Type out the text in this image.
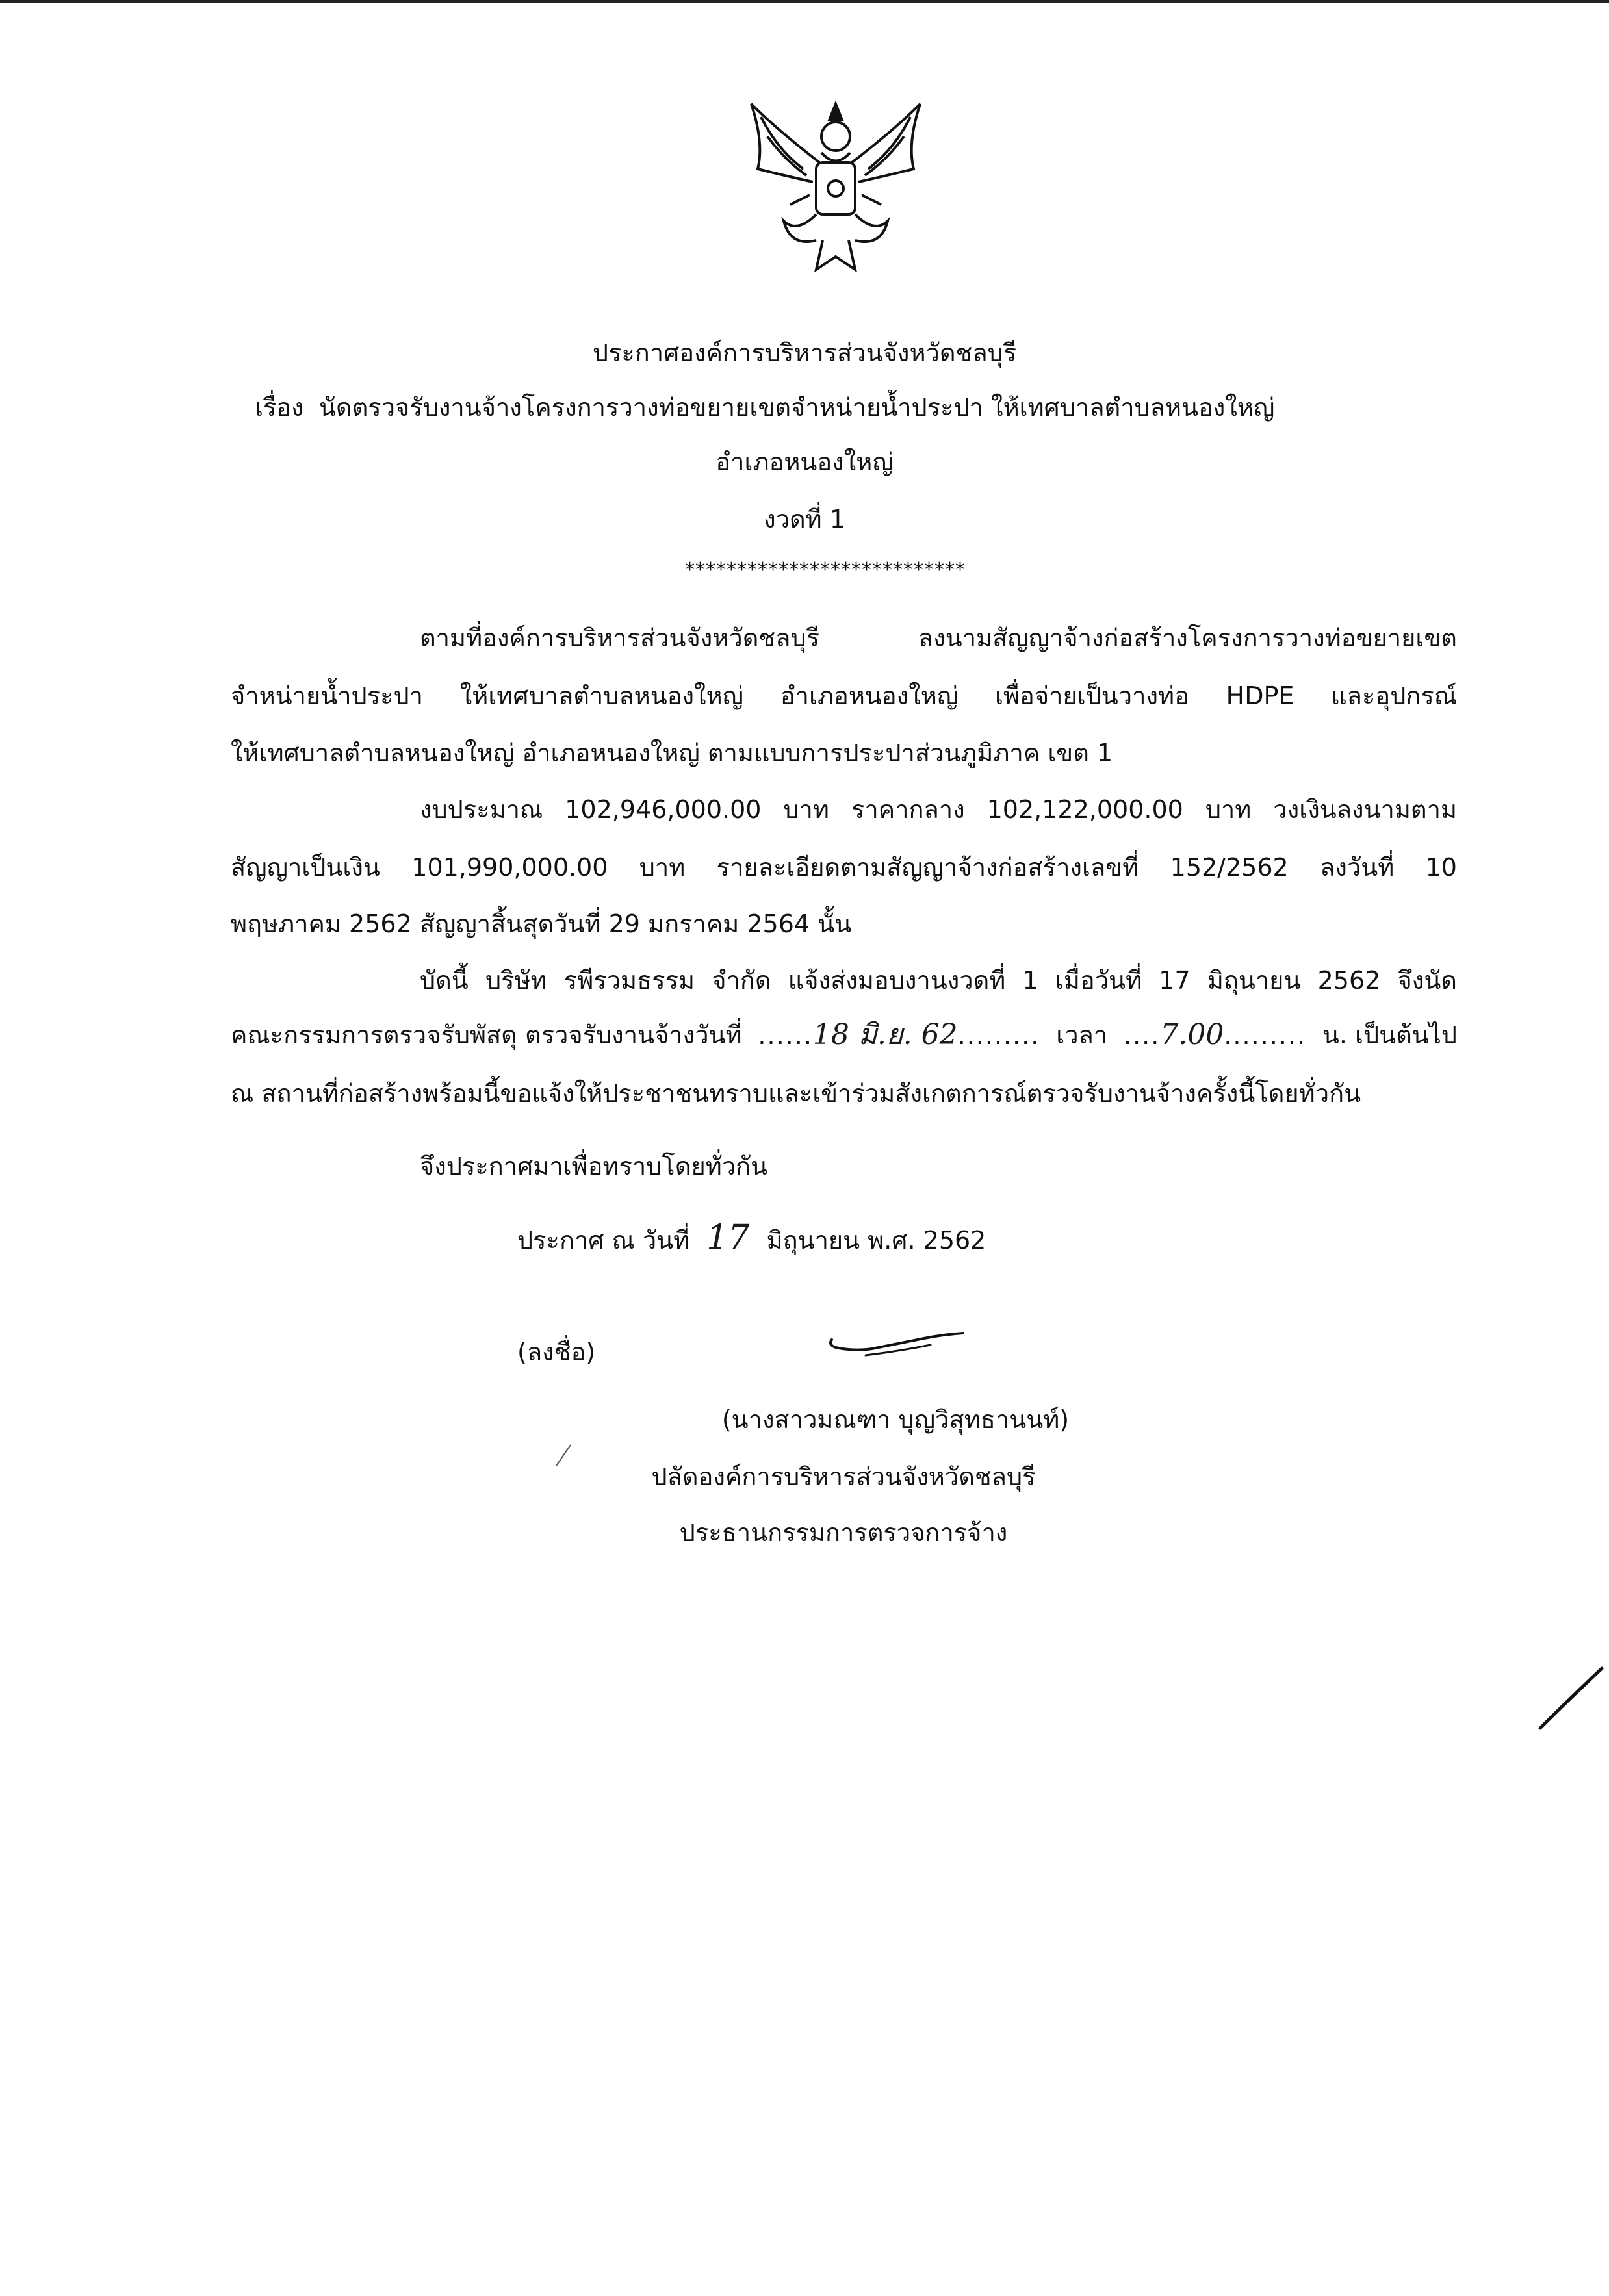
ประกาศองค์การบริหารส่วนจังหวัดชลบุรี
เรื่อง นัดตรวจรับงานจ้างโครงการวางท่อขยายเขตจำหน่ายน้ำประปา ให้เทศบาลตำบลหนองใหญ่
อำเภอหนองใหญ่
งวดที่ 1
***************************
ตามที่องค์การบริหารส่วนจังหวัดชลบุรี ลงนามสัญญาจ้างก่อสร้างโครงการวางท่อขยายเขต
จำหน่ายน้ำประปา ให้เทศบาลตำบลหนองใหญ่ อำเภอหนองใหญ่ เพื่อจ่ายเป็นวางท่อ HDPE และอุปกรณ์
ให้เทศบาลตำบลหนองใหญ่ อำเภอหนองใหญ่ ตามแบบการประปาส่วนภูมิภาค เขต 1
งบประมาณ 102,946,000.00 บาท ราคากลาง 102,122,000.00 บาท วงเงินลงนามตาม
สัญญาเป็นเงิน 101,990,000.00 บาท รายละเอียดตามสัญญาจ้างก่อสร้างเลขที่ 152/2562 ลงวันที่ 10
พฤษภาคม 2562 สัญญาสิ้นสุดวันที่ 29 มกราคม 2564 นั้น
บัดนี้ บริษัท รพีรวมธรรม จำกัด แจ้งส่งมอบงานงวดที่ 1 เมื่อวันที่ 17 มิถุนายน 2562 จึงนัด
คณะกรรมการตรวจรับพัสดุ ตรวจรับงานจ้างวันที่ ......18 มิ.ย. 62......... เวลา ....7.00......... น. เป็นต้นไป
ณ สถานที่ก่อสร้างพร้อมนี้ขอแจ้งให้ประชาชนทราบและเข้าร่วมสังเกตการณ์ตรวจรับงานจ้างครั้งนี้โดยทั่วกัน
จึงประกาศมาเพื่อทราบโดยทั่วกัน
ประกาศ ณ วันที่ 17 มิถุนายน พ.ศ. 2562
(ลงชื่อ)
(นางสาวมณฑา บุญวิสุทธานนท์)
ปลัดองค์การบริหารส่วนจังหวัดชลบุรี
ประธานกรรมการตรวจการจ้าง
